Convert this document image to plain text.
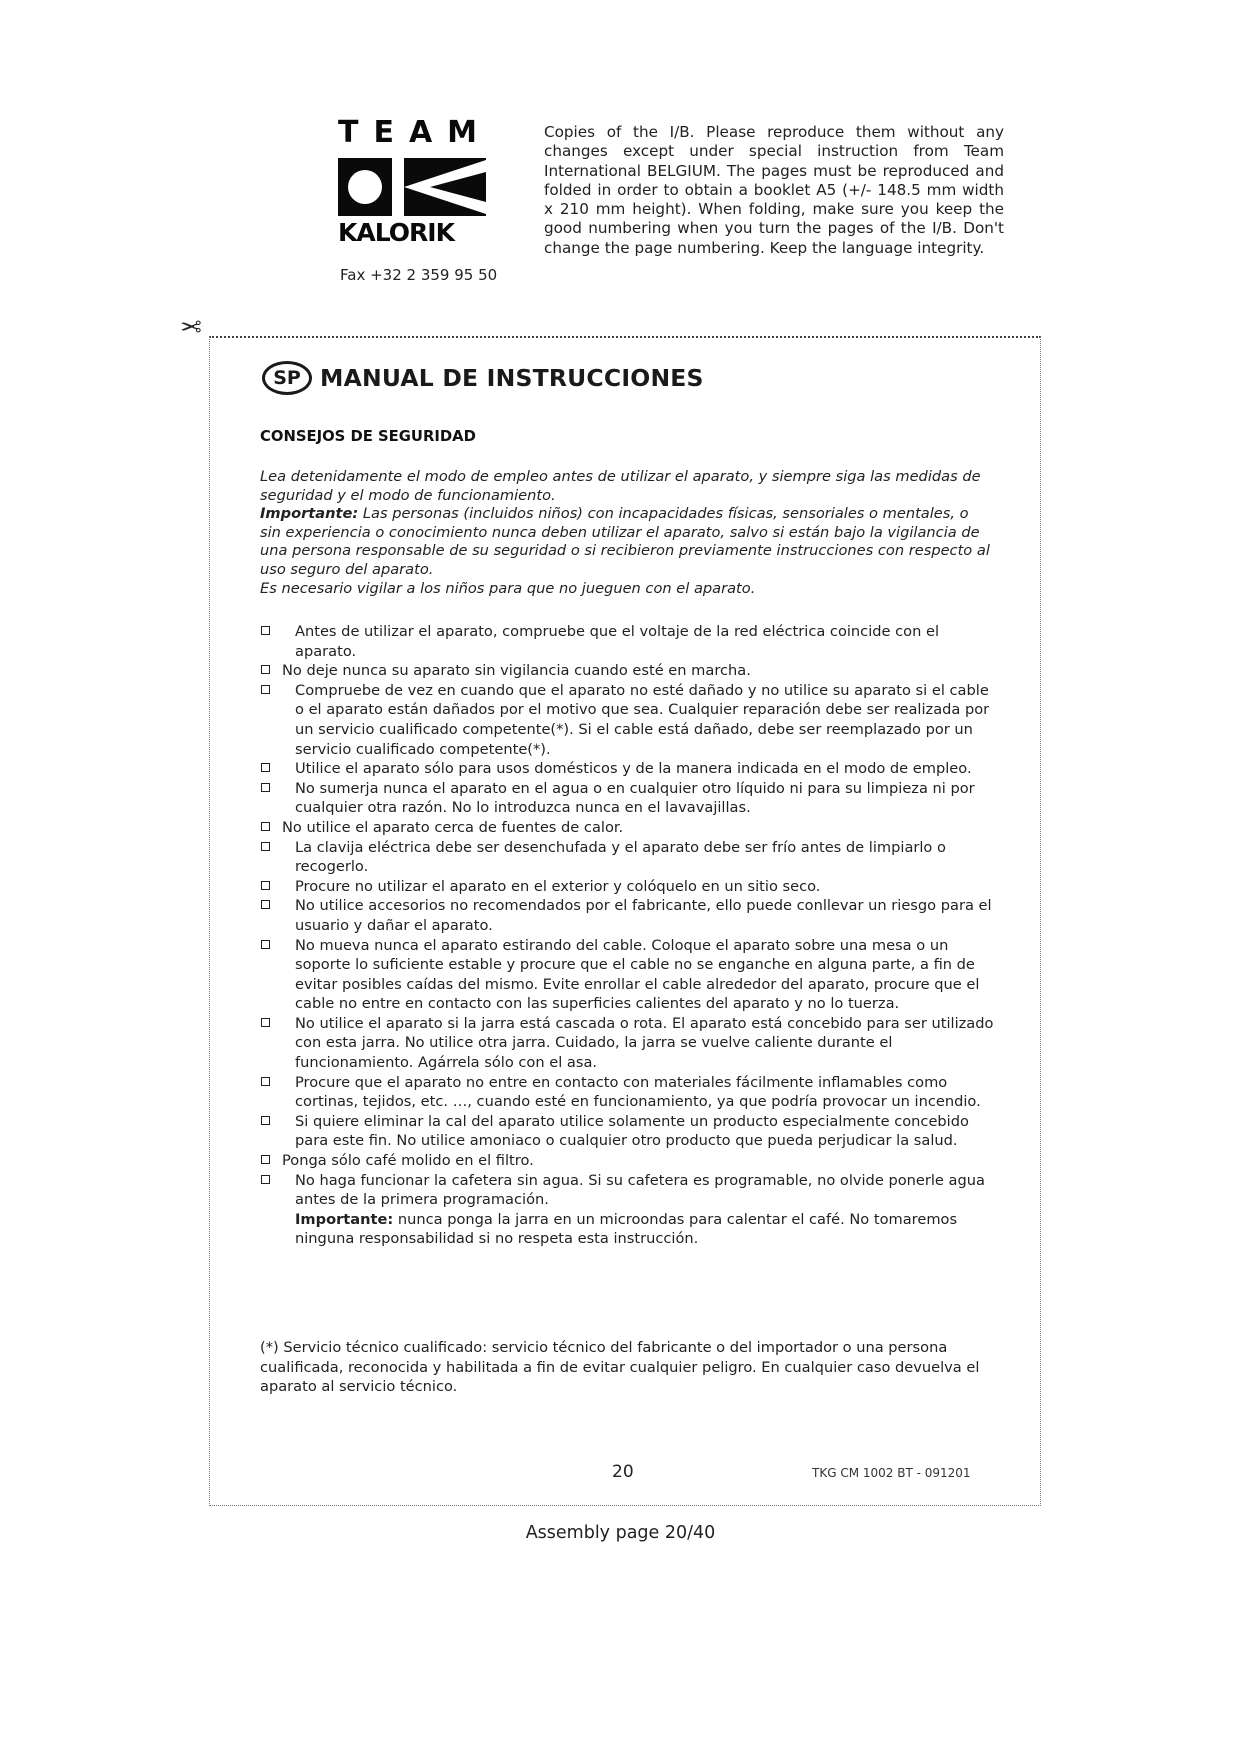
TEAM
KALORIK
Fax +32 2 359 95 50
Copies of the I/B. Please reproduce them without any changes except under special instruction from Team International BELGIUM. The pages must be reproduced and folded in order to obtain a booklet A5 (+/- 148.5 mm width x 210 mm height). When folding, make sure you keep the good numbering when you turn the pages of the I/B. Don't change the page numbering. Keep the language integrity.
✂
SP MANUAL DE INSTRUCCIONES
CONSEJOS DE SEGURIDAD

Lea detenidamente el modo de empleo antes de utilizar el aparato, y siempre siga las medidas de seguridad y el modo de funcionamiento.

Importante: Las personas (incluidos niños) con incapacidades físicas, sensoriales o mentales, o sin experiencia o conocimiento nunca deben utilizar el aparato, salvo si están bajo la vigilancia de una persona responsable de su seguridad o si recibieron previamente instrucciones con respecto al uso seguro del aparato.

Es necesario vigilar a los niños para que no jueguen con el aparato.

Antes de utilizar el aparato, compruebe que el voltaje de la red eléctrica coincide con el aparato.
No deje nunca su aparato sin vigilancia cuando esté en marcha.
Compruebe de vez en cuando que el aparato no esté dañado y no utilice su aparato si el cable o el aparato están dañados por el motivo que sea. Cualquier reparación debe ser realizada por un servicio cualificado competente(*). Si el cable está dañado, debe ser reemplazado por un servicio cualificado competente(*).
Utilice el aparato sólo para usos domésticos y de la manera indicada en el modo de empleo.
No sumerja nunca el aparato en el agua o en cualquier otro líquido ni para su limpieza ni por cualquier otra razón. No lo introduzca nunca en el lavavajillas.
No utilice el aparato cerca de fuentes de calor.
La clavija eléctrica debe ser desenchufada y el aparato debe ser frío antes de limpiarlo o recogerlo.
Procure no utilizar el aparato en el exterior y colóquelo en un sitio seco.
No utilice accesorios no recomendados por el fabricante, ello puede conllevar un riesgo para el usuario y dañar el aparato.
No mueva nunca el aparato estirando del cable. Coloque el aparato sobre una mesa o un soporte lo suficiente estable y procure que el cable no se enganche en alguna parte, a fin de evitar posibles caídas del mismo. Evite enrollar el cable alrededor del aparato, procure que el cable no entre en contacto con las superficies calientes del aparato y no lo tuerza.
No utilice el aparato si la jarra está cascada o rota. El aparato está concebido para ser utilizado con esta jarra. No utilice otra jarra. Cuidado, la jarra se vuelve caliente durante el funcionamiento. Agárrela sólo con el asa.
Procure que el aparato no entre en contacto con materiales fácilmente inflamables como cortinas, tejidos, etc. …, cuando esté en funcionamiento, ya que podría provocar un incendio.
Si quiere eliminar la cal del aparato utilice solamente un producto especialmente concebido para este fin. No utilice amoniaco o cualquier otro producto que pueda perjudicar la salud.
Ponga sólo café molido en el filtro.
No haga funcionar la cafetera sin agua. Si su cafetera es programable, no olvide ponerle agua antes de la primera programación.
Importante: nunca ponga la jarra en un microondas para calentar el café. No tomaremos ninguna responsabilidad si no respeta esta instrucción.
(*) Servicio técnico cualificado: servicio técnico del fabricante o del importador o una persona cualificada, reconocida y habilitada a fin de evitar cualquier peligro. En cualquier caso devuelva el aparato al servicio técnico.
20	TKG CM 1002 BT - 091201
Assembly page 20/40
